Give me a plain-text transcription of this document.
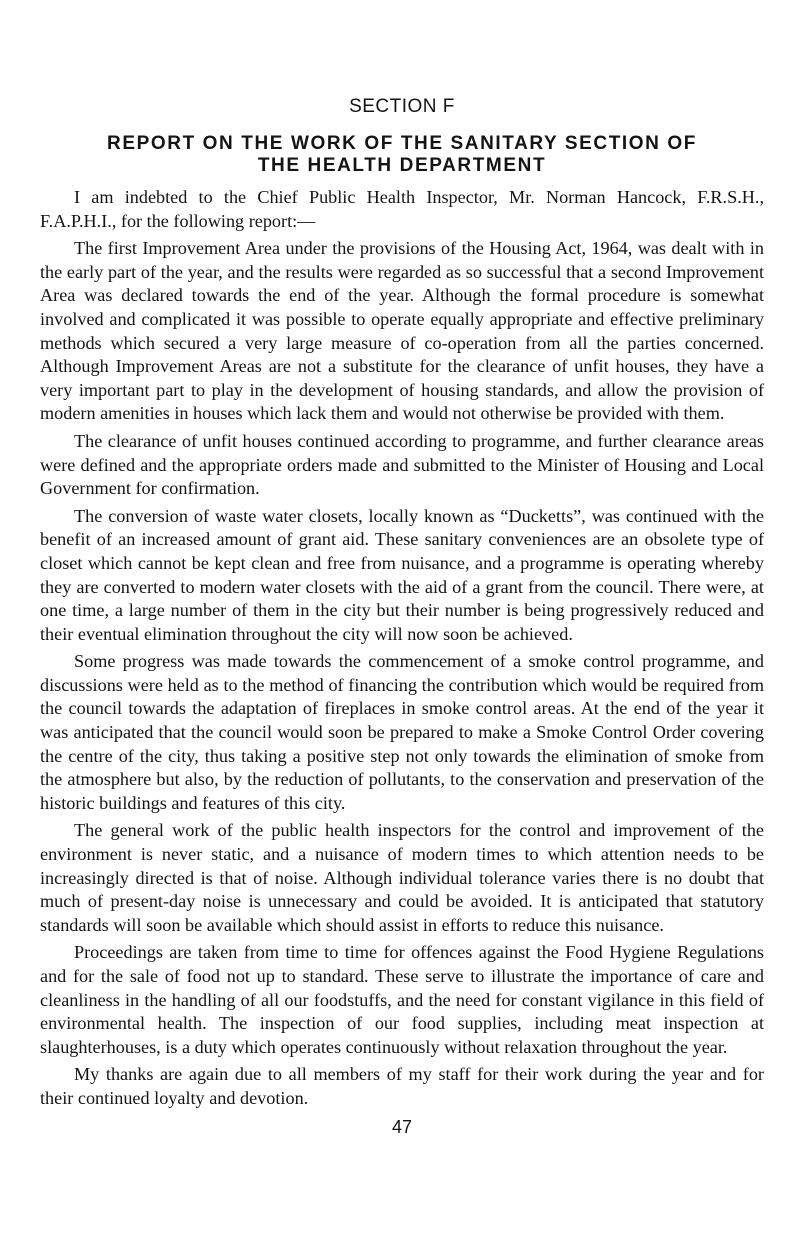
SECTION F
REPORT ON THE WORK OF THE SANITARY SECTION OF
THE HEALTH DEPARTMENT

I am indebted to the Chief Public Health Inspector, Mr. Norman Hancock, F.R.S.H., F.A.P.H.I., for the following report:—

The first Improvement Area under the provisions of the Housing Act, 1964, was dealt with in the early part of the year, and the results were regarded as so successful that a second Improvement Area was declared towards the end of the year. Although the formal procedure is somewhat involved and complicated it was possible to operate equally appropriate and effective preliminary methods which secured a very large measure of co-operation from all the parties concerned. Although Improvement Areas are not a substitute for the clearance of unfit houses, they have a very important part to play in the development of housing standards, and allow the provision of modern amenities in houses which lack them and would not otherwise be provided with them.

The clearance of unfit houses continued according to programme, and further clearance areas were defined and the appropriate orders made and submitted to the Minister of Housing and Local Government for confirmation.

The conversion of waste water closets, locally known as “Ducketts”, was continued with the benefit of an increased amount of grant aid. These sanitary conveniences are an obsolete type of closet which cannot be kept clean and free from nuisance, and a programme is operating whereby they are converted to modern water closets with the aid of a grant from the council. There were, at one time, a large number of them in the city but their number is being progressively reduced and their eventual elimination throughout the city will now soon be achieved.

Some progress was made towards the commencement of a smoke control programme, and discussions were held as to the method of financing the contribution which would be required from the council towards the adaptation of fireplaces in smoke control areas. At the end of the year it was anticipated that the council would soon be prepared to make a Smoke Control Order covering the centre of the city, thus taking a positive step not only towards the elimination of smoke from the atmosphere but also, by the reduction of pollutants, to the conservation and preservation of the historic buildings and features of this city.

The general work of the public health inspectors for the control and improvement of the environment is never static, and a nuisance of modern times to which attention needs to be increasingly directed is that of noise. Although individual tolerance varies there is no doubt that much of present-day noise is unnecessary and could be avoided. It is anticipated that statutory standards will soon be available which should assist in efforts to reduce this nuisance.

Proceedings are taken from time to time for offences against the Food Hygiene Regulations and for the sale of food not up to standard. These serve to illustrate the importance of care and cleanliness in the handling of all our foodstuffs, and the need for constant vigilance in this field of environmental health. The inspection of our food supplies, including meat inspection at slaughterhouses, is a duty which operates continuously without relaxation throughout the year.

My thanks are again due to all members of my staff for their work during the year and for their continued loyalty and devotion.

47
